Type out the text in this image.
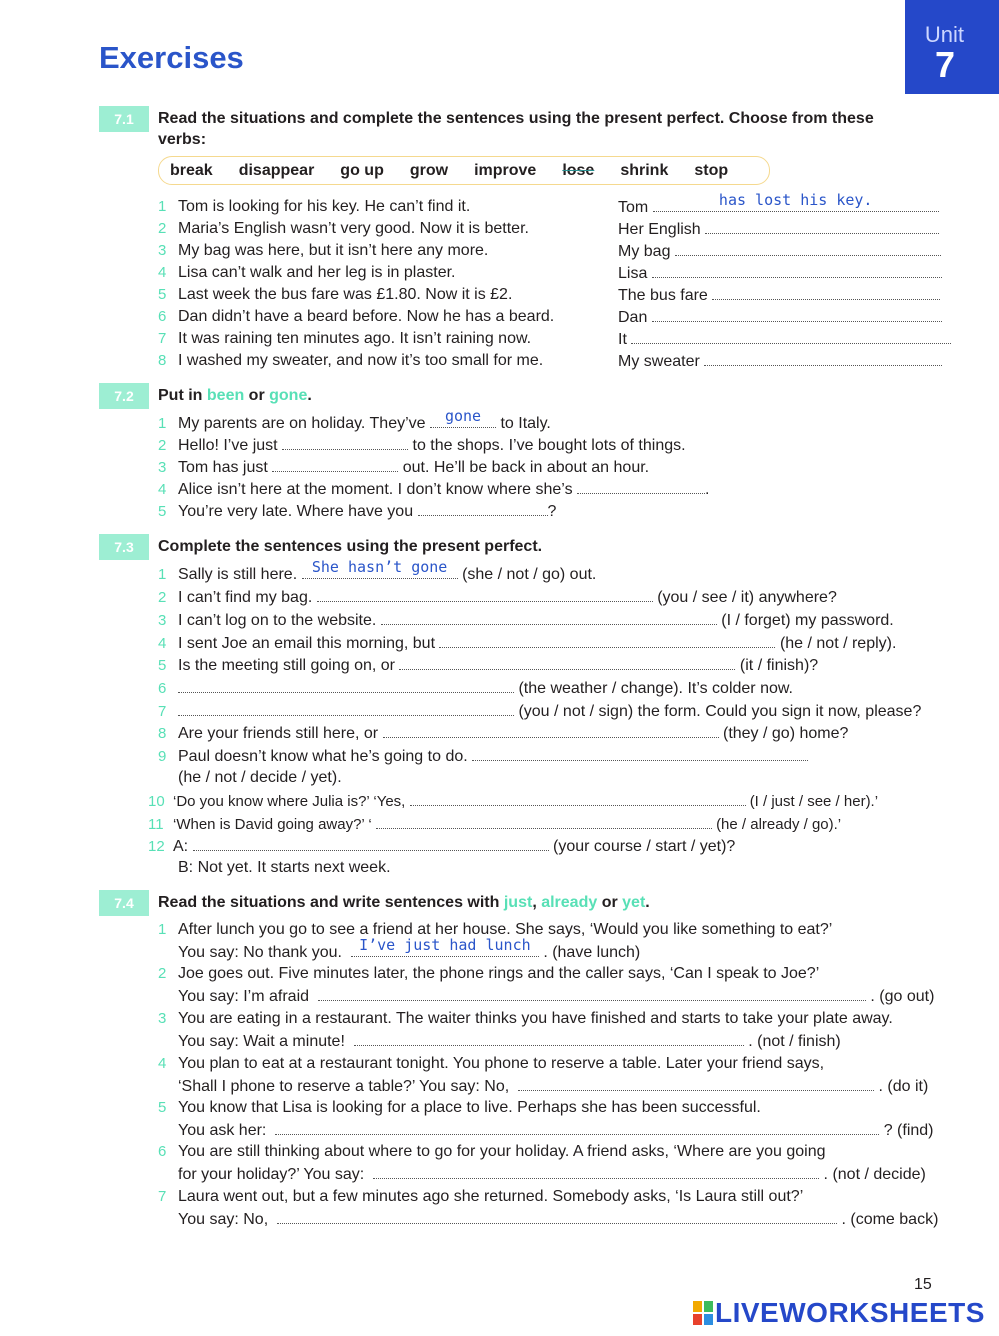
Exercises
Unit
7
7.1	Read the situations and complete the sentences using the present perfect. Choose from these verbs:
break disappear go up grow improve lose shrink stop
1 Tom is looking for his key. He can’t find it.	Tom	has lost his key.
2 Maria’s English wasn’t very good. Now it is better.	Her English
3 My bag was here, but it isn’t here any more.	My bag
4 Lisa can’t walk and her leg is in plaster.	Lisa
5 Last week the bus fare was £1.80. Now it is £2.	The bus fare
6 Dan didn’t have a beard before. Now he has a beard.	Dan
7 It was raining ten minutes ago. It isn’t raining now.	It
8 I washed my sweater, and now it’s too small for me.	My sweater
7.2	Put in been or gone.
1 My parents are on holiday. They’ve	gone	to Italy.
2 Hello! I’ve just	to the shops. I’ve bought lots of things.
3 Tom has just	out. He’ll be back in about an hour.
4 Alice isn’t here at the moment. I don’t know where she’s	.
5 You’re very late. Where have you	?
7.3	Complete the sentences using the present perfect.
1 Sally is still here. She hasn’t gone (she / not / go) out.
2 I can’t find my bag.	(you / see / it) anywhere?
3 I can’t log on to the website.	(I / forget) my password.
4 I sent Joe an email this morning, but	(he / not / reply).
5 Is the meeting still going on, or	(it / finish)?
6	(the weather / change). It’s colder now.
7	(you / not / sign) the form. Could you sign it now, please?
8 Are your friends still here, or	(they / go) home?
9 Paul doesn’t know what he’s going to do.
(he / not / decide / yet).
10 ‘Do you know where Julia is?’ ‘Yes,	(I / just / see / her).’
11 ‘When is David going away?’ ‘	(he / already / go).’
12 A:	(your course / start / yet)?
B: Not yet. It starts next week.
7.4	Read the situations and write sentences with just, already or yet.
1 After lunch you go to see a friend at her house. She says, ‘Would you like something to eat?’
You say: No thank you.	I’ve just had lunch . (have lunch)
2 Joe goes out. Five minutes later, the phone rings and the caller says, ‘Can I speak to Joe?’
You say: I’m afraid	. (go out)
3 You are eating in a restaurant. The waiter thinks you have finished and starts to take your plate away.
You say: Wait a minute!	. (not / finish)
4 You plan to eat at a restaurant tonight. You phone to reserve a table. Later your friend says,
‘Shall I phone to reserve a table?’ You say: No,	. (do it)
5 You know that Lisa is looking for a place to live. Perhaps she has been successful.
You ask her:	? (find)
6 You are still thinking about where to go for your holiday. A friend asks, ‘Where are you going
for your holiday?’ You say:	. (not / decide)
7 Laura went out, but a few minutes ago she returned. Somebody asks, ‘Is Laura still out?’
You say: No,	. (come back)
15
LIVEWORKSHEETS
